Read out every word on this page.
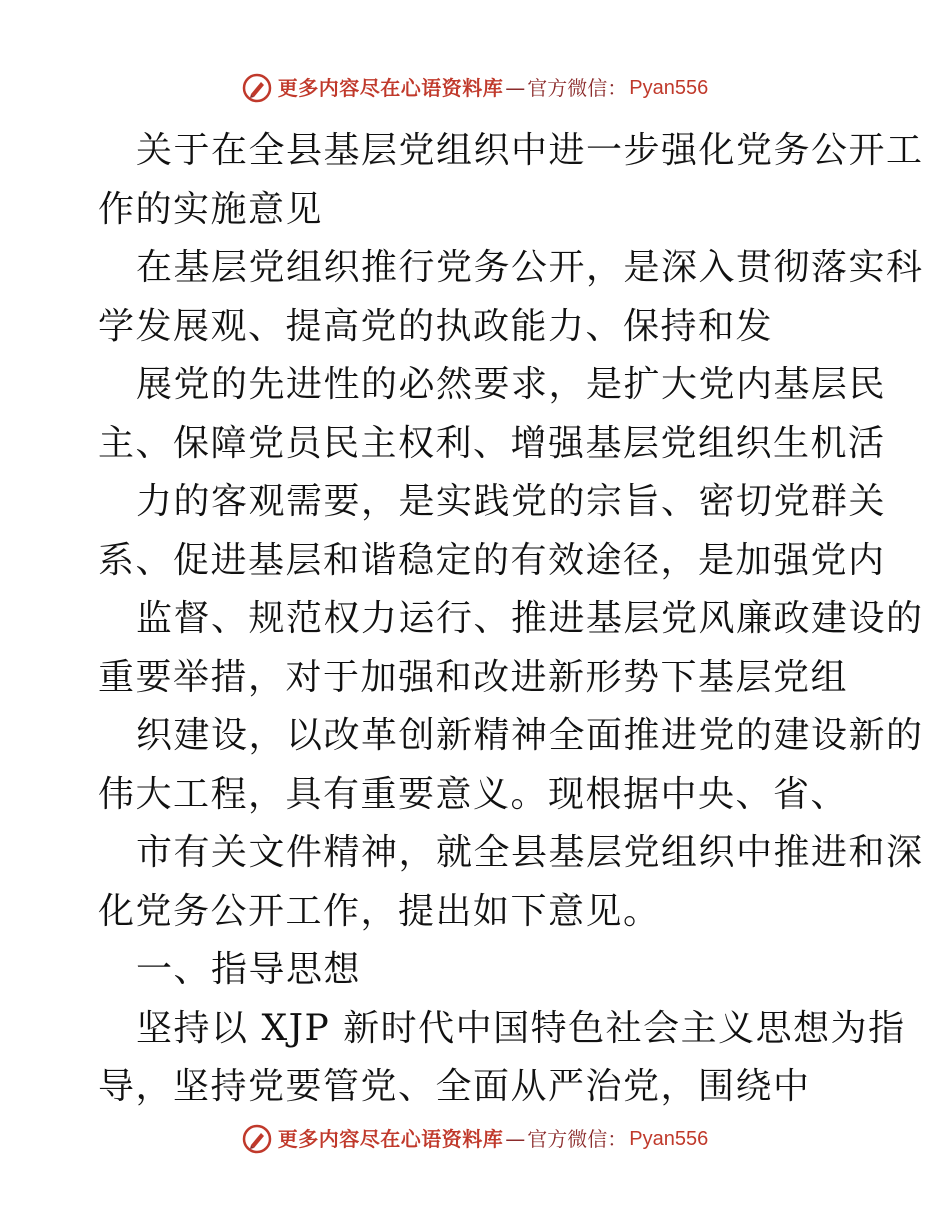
更多内容尽在心语资料库 — 官方微信： Pyan556
关于在全县基层党组织中进一步强化党务公开工
作的实施意见
在基层党组织推行党务公开，是深入贯彻落实科
学发展观、提高党的执政能力、保持和发
展党的先进性的必然要求，是扩大党内基层民
主、保障党员民主权利、增强基层党组织生机活
力的客观需要，是实践党的宗旨、密切党群关
系、促进基层和谐稳定的有效途径，是加强党内
监督、规范权力运行、推进基层党风廉政建设的
重要举措，对于加强和改进新形势下基层党组
织建设，以改革创新精神全面推进党的建设新的
伟大工程，具有重要意义。现根据中央、省、
市有关文件精神，就全县基层党组织中推进和深
化党务公开工作，提出如下意见。
一、指导思想
坚持以 XJP 新时代中国特色社会主义思想为指
导，坚持党要管党、全面从严治党，围绕中
更多内容尽在心语资料库 — 官方微信： Pyan556
